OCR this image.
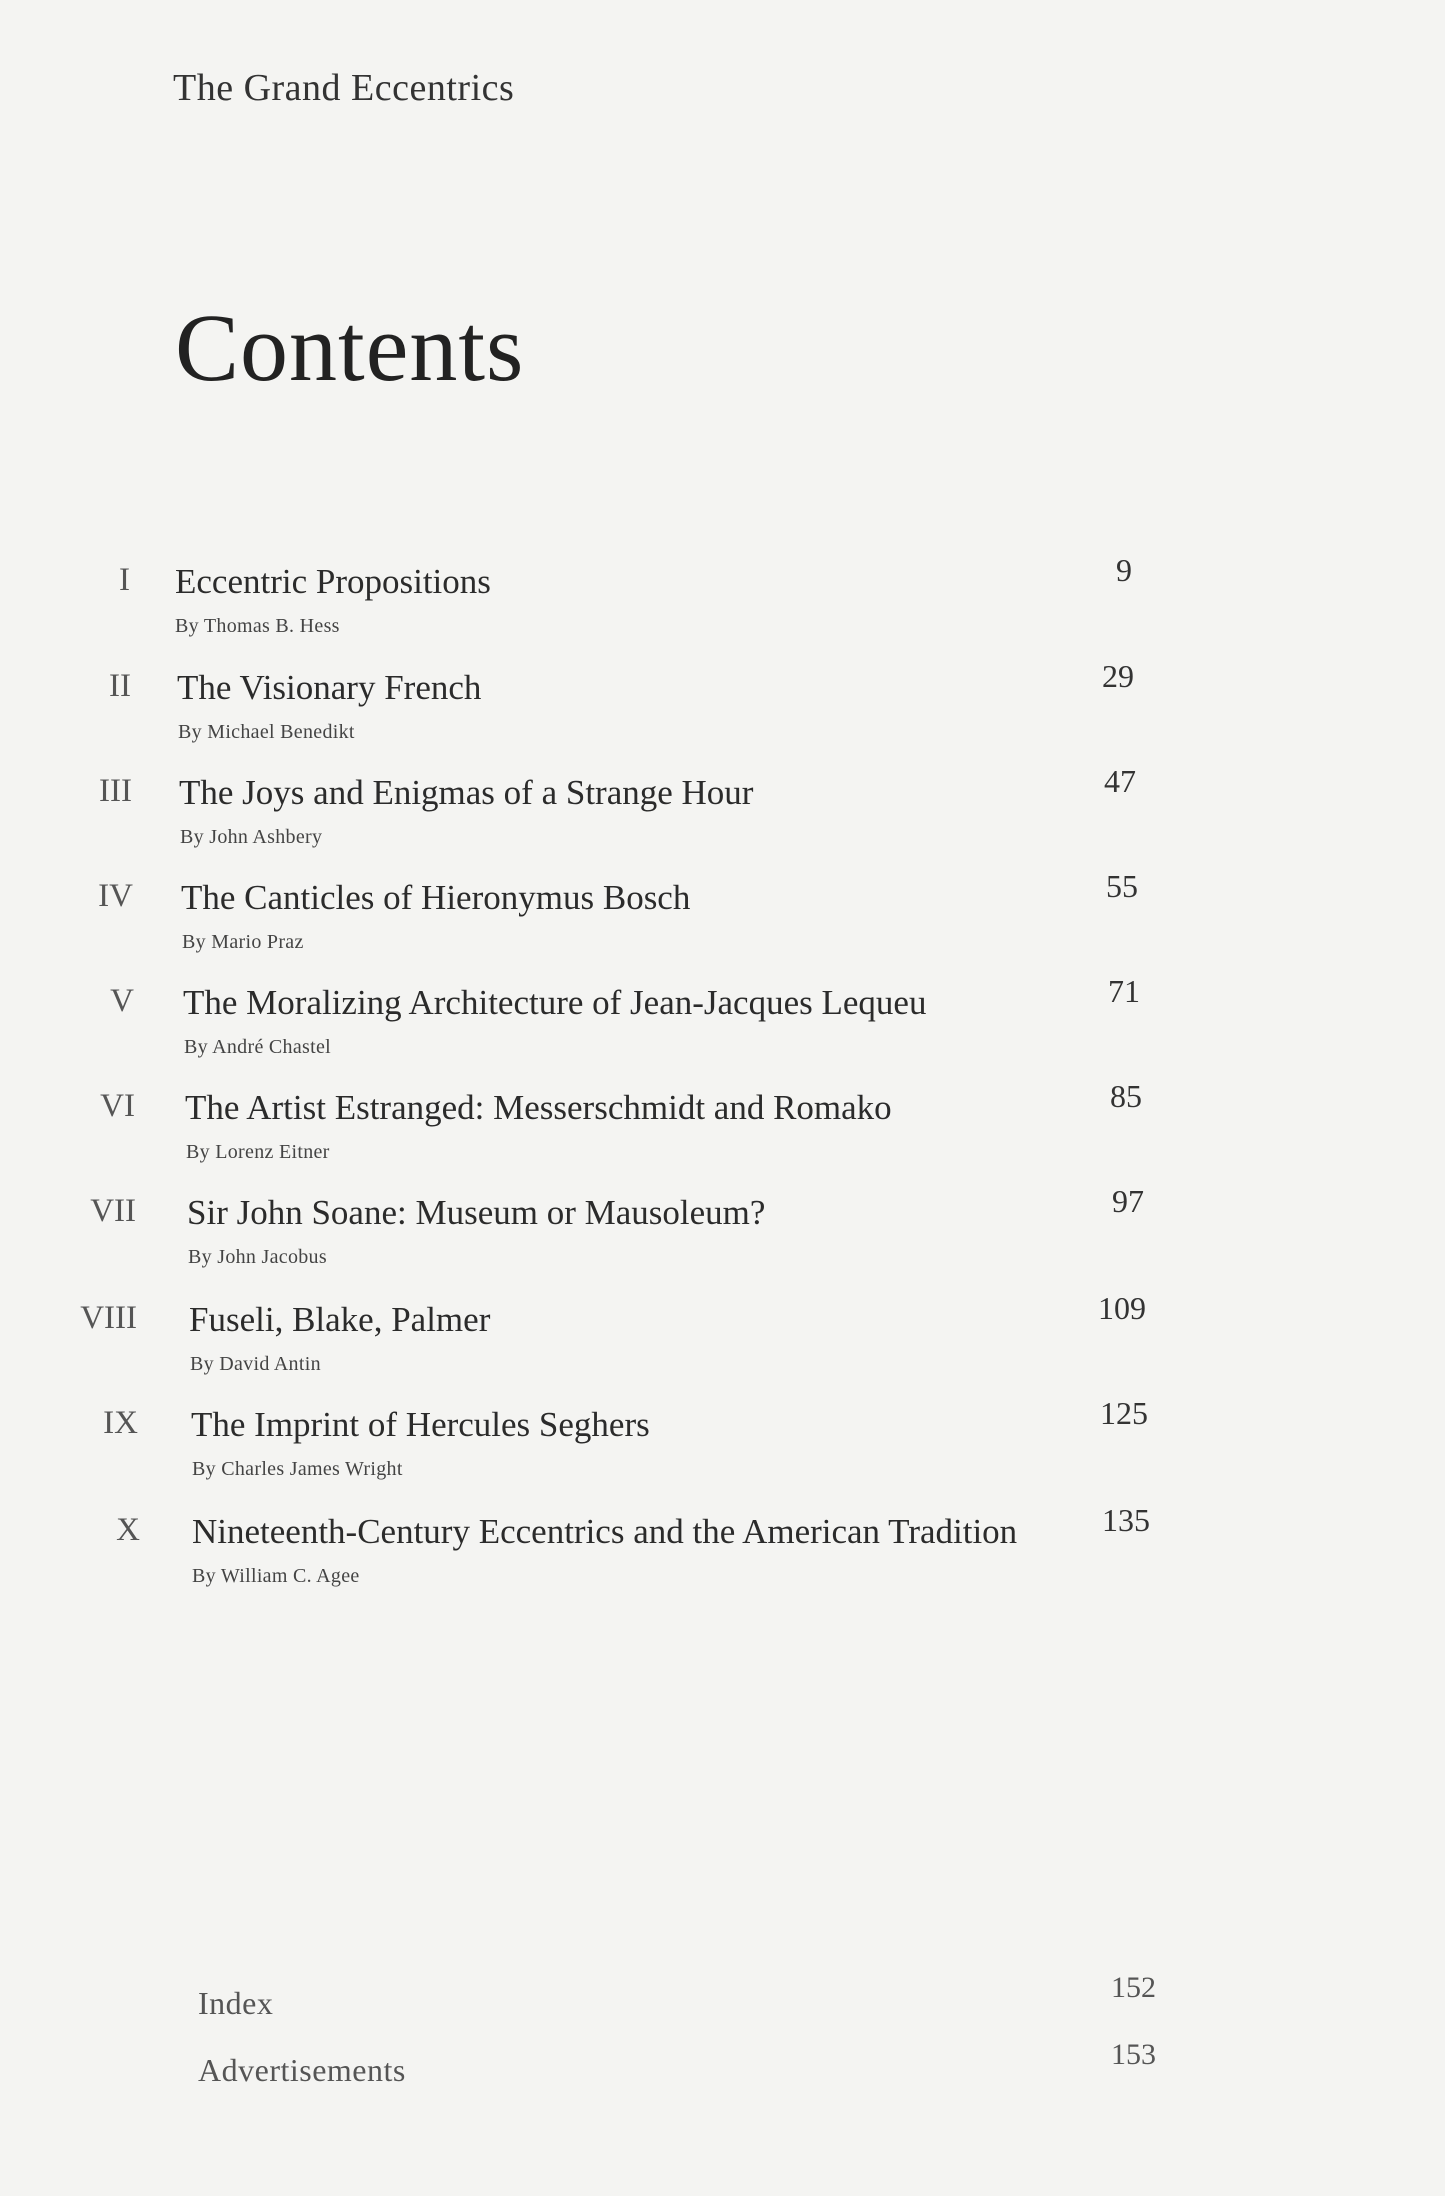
The Grand Eccentrics
Contents
I Eccentric Propositions
By Thomas B. Hess
9
II The Visionary French
By Michael Benedikt
29
III The Joys and Enigmas of a Strange Hour
By John Ashbery
47
IV The Canticles of Hieronymus Bosch
By Mario Praz
55
V The Moralizing Architecture of Jean-Jacques Lequeu
By André Chastel
71
VI The Artist Estranged: Messerschmidt and Romako
By Lorenz Eitner
85
VII Sir John Soane: Museum or Mausoleum?
By John Jacobus
97
VIII Fuseli, Blake, Palmer
By David Antin
109
IX The Imprint of Hercules Seghers
By Charles James Wright
125
X Nineteenth-Century Eccentrics and the American Tradition
By William C. Agee
135
Index	152
Advertisements	153
